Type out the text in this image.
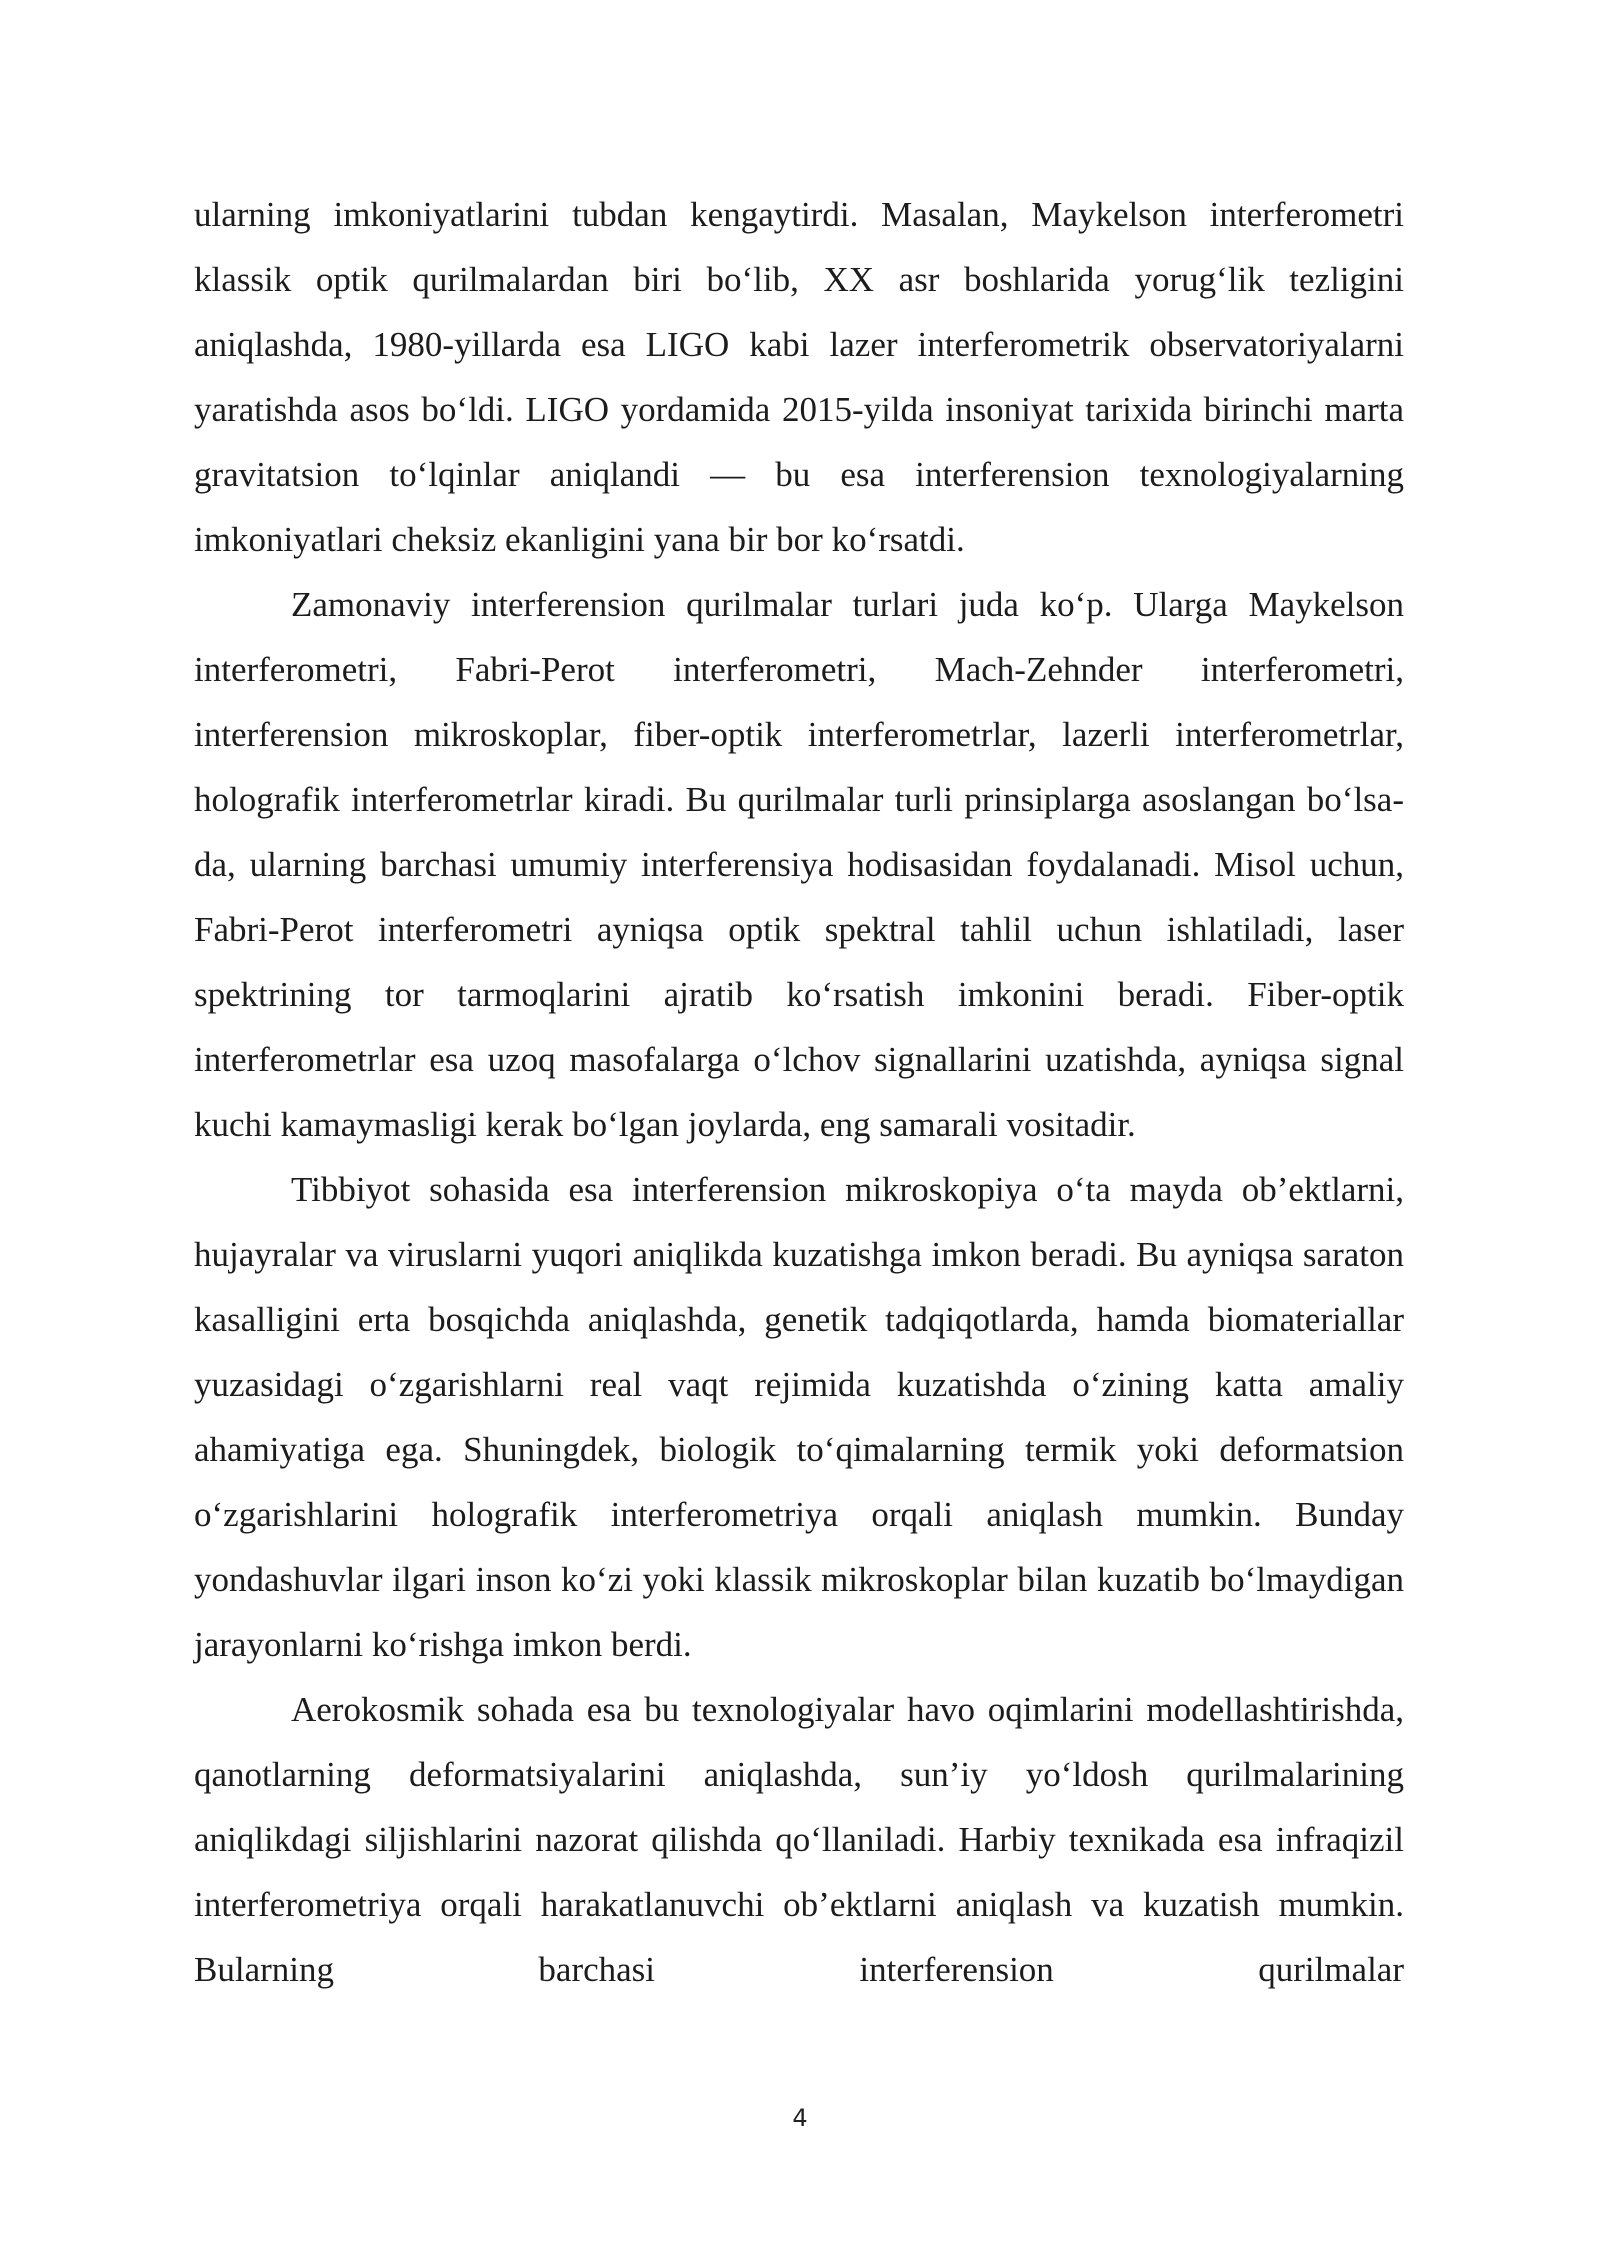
ularning imkoniyatlarini tubdan kengaytirdi. Masalan, Maykelson interferometri klassik optik qurilmalardan biri bo‘lib, XX asr boshlarida yorug‘lik tezligini aniqlashda, 1980-yillarda esa LIGO kabi lazer interferometrik observatoriyalarni yaratishda asos bo‘ldi. LIGO yordamida 2015-yilda insoniyat tarixida birinchi marta gravitatsion to‘lqinlar aniqlandi — bu esa interferension texnologiyalarning imkoniyatlari cheksiz ekanligini yana bir bor ko‘rsatdi.

Zamonaviy interferension qurilmalar turlari juda ko‘p. Ularga Maykelson interferometri, Fabri-Perot interferometri, Mach-Zehnder interferometri, interferension mikroskoplar, fiber-optik interferometrlar, lazerli interferometrlar, holografik interferometrlar kiradi. Bu qurilmalar turli prinsiplarga asoslangan bo‘lsa-da, ularning barchasi umumiy interferensiya hodisasidan foydalanadi. Misol uchun, Fabri-Perot interferometri ayniqsa optik spektral tahlil uchun ishlatiladi, laser spektrining tor tarmoqlarini ajratib ko‘rsatish imkonini beradi. Fiber-optik interferometrlar esa uzoq masofalarga o‘lchov signallarini uzatishda, ayniqsa signal kuchi kamaymasligi kerak bo‘lgan joylarda, eng samarali vositadir.

Tibbiyot sohasida esa interferension mikroskopiya o‘ta mayda ob’ektlarni, hujayralar va viruslarni yuqori aniqlikda kuzatishga imkon beradi. Bu ayniqsa saraton kasalligini erta bosqichda aniqlashda, genetik tadqiqotlarda, hamda biomateriallar yuzasidagi o‘zgarishlarni real vaqt rejimida kuzatishda o‘zining katta amaliy ahamiyatiga ega. Shuningdek, biologik to‘qimalarning termik yoki deformatsion o‘zgarishlarini holografik interferometriya orqali aniqlash mumkin. Bunday yondashuvlar ilgari inson ko‘zi yoki klassik mikroskoplar bilan kuzatib bo‘lmaydigan jarayonlarni ko‘rishga imkon berdi.

Aerokosmik sohada esa bu texnologiyalar havo oqimlarini modellashtirishda, qanotlarning deformatsiyalarini aniqlashda, sun’iy yo‘ldosh qurilmalarining aniqlikdagi siljishlarini nazorat qilishda qo‘llaniladi. Harbiy texnikada esa infraqizil interferometriya orqali harakatlanuvchi ob’ektlarni aniqlash va kuzatish mumkin. Bularning barchasi interferension qurilmalar

4
